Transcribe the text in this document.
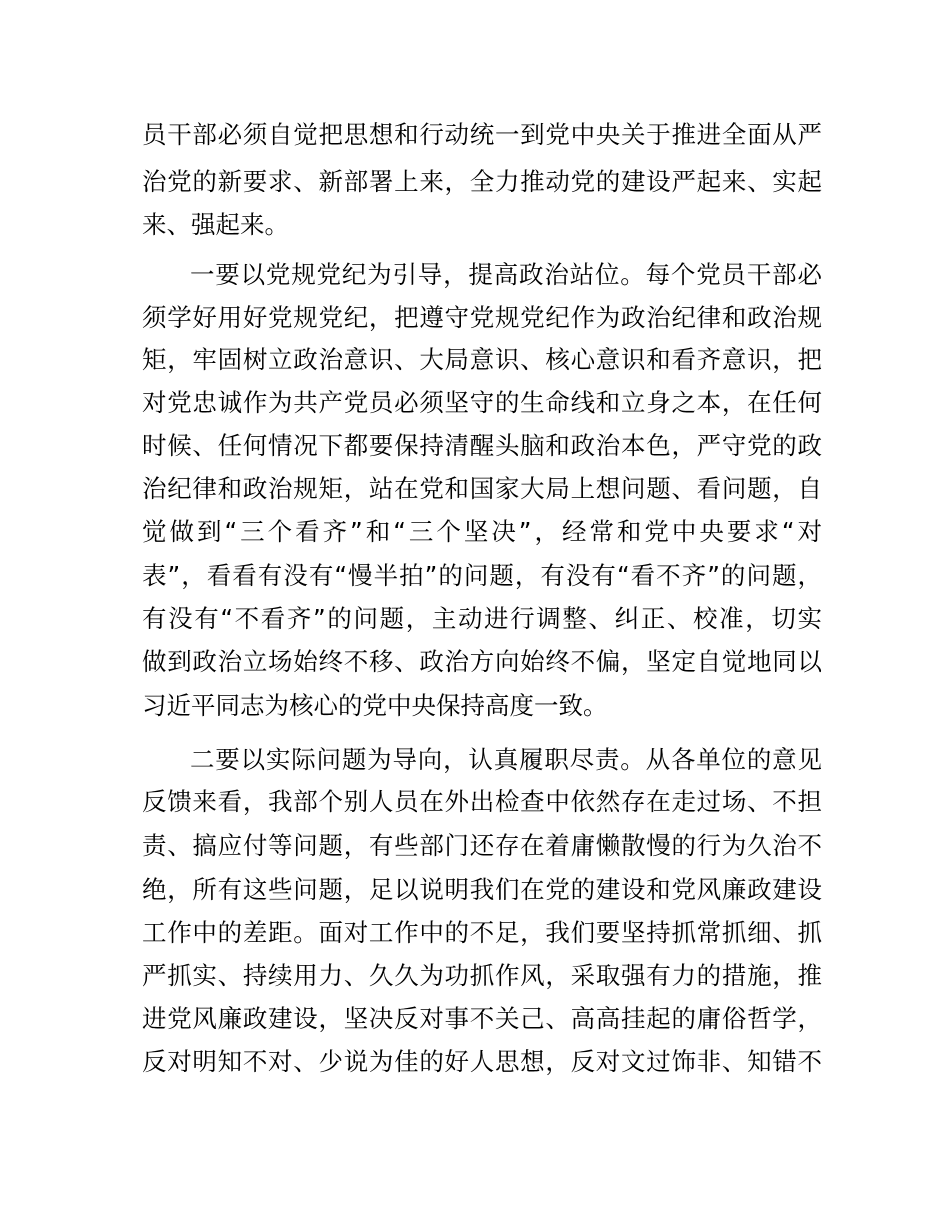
员干部必须自觉把思想和行动统一到党中央关于推进全面从严
治党的新要求、新部署上来，全力推动党的建设严起来、实起
来、强起来。
一要以党规党纪为引导，提高政治站位。每个党员干部必
须学好用好党规党纪，把遵守党规党纪作为政治纪律和政治规
矩，牢固树立政治意识、大局意识、核心意识和看齐意识，把
对党忠诚作为共产党员必须坚守的生命线和立身之本，在任何
时候、任何情况下都要保持清醒头脑和政治本色，严守党的政
治纪律和政治规矩，站在党和国家大局上想问题、看问题，自
觉做到“三个看齐”和“三个坚决”，经常和党中央要求“对
表”，看看有没有“慢半拍”的问题，有没有“看不齐”的问题，
有没有“不看齐”的问题，主动进行调整、纠正、校准，切实
做到政治立场始终不移、政治方向始终不偏，坚定自觉地同以
习近平同志为核心的党中央保持高度一致。
二要以实际问题为导向，认真履职尽责。从各单位的意见
反馈来看，我部个别人员在外出检查中依然存在走过场、不担
责、搞应付等问题，有些部门还存在着庸懒散慢的行为久治不
绝，所有这些问题，足以说明我们在党的建设和党风廉政建设
工作中的差距。面对工作中的不足，我们要坚持抓常抓细、抓
严抓实、持续用力、久久为功抓作风，采取强有力的措施，推
进党风廉政建设，坚决反对事不关己、高高挂起的庸俗哲学，
反对明知不对、少说为佳的好人思想，反对文过饰非、知错不
